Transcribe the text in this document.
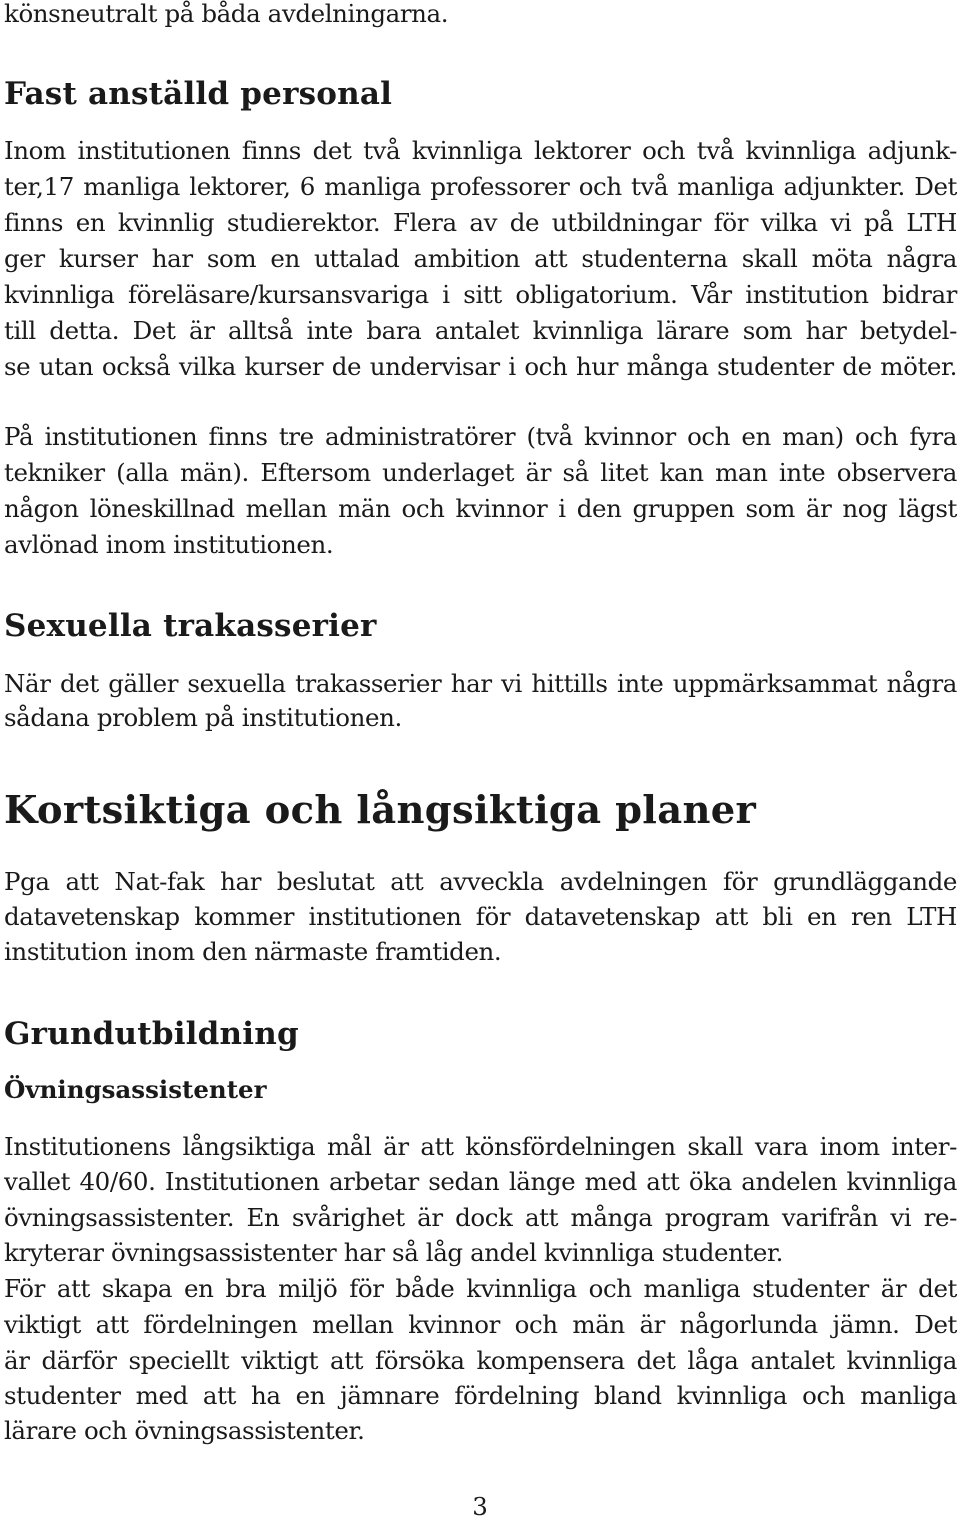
könsneutralt på båda avdelningarna.
Fast anställd personal
Inom institutionen finns det två kvinnliga lektorer och två kvinnliga adjunk-
ter,17 manliga lektorer, 6 manliga professorer och två manliga adjunkter. Det
finns en kvinnlig studierektor. Flera av de utbildningar för vilka vi på LTH
ger kurser har som en uttalad ambition att studenterna skall möta några
kvinnliga föreläsare/kursansvariga i sitt obligatorium. Vår institution bidrar
till detta. Det är alltså inte bara antalet kvinnliga lärare som har betydel-
se utan också vilka kurser de undervisar i och hur många studenter de möter.
På institutionen finns tre administratörer (två kvinnor och en man) och fyra
tekniker (alla män). Eftersom underlaget är så litet kan man inte observera
någon löneskillnad mellan män och kvinnor i den gruppen som är nog lägst
avlönad inom institutionen.
Sexuella trakasserier
När det gäller sexuella trakasserier har vi hittills inte uppmärksammat några
sådana problem på institutionen.
Kortsiktiga och långsiktiga planer
Pga att Nat-fak har beslutat att avveckla avdelningen för grundläggande
datavetenskap kommer institutionen för datavetenskap att bli en ren LTH
institution inom den närmaste framtiden.
Grundutbildning
Övningsassistenter
Institutionens långsiktiga mål är att könsfördelningen skall vara inom inter-
vallet 40/60. Institutionen arbetar sedan länge med att öka andelen kvinnliga
övningsassistenter. En svårighet är dock att många program varifrån vi re-
kryterar övningsassistenter har så låg andel kvinnliga studenter.
För att skapa en bra miljö för både kvinnliga och manliga studenter är det
viktigt att fördelningen mellan kvinnor och män är någorlunda jämn. Det
är därför speciellt viktigt att försöka kompensera det låga antalet kvinnliga
studenter med att ha en jämnare fördelning bland kvinnliga och manliga
lärare och övningsassistenter.
3
